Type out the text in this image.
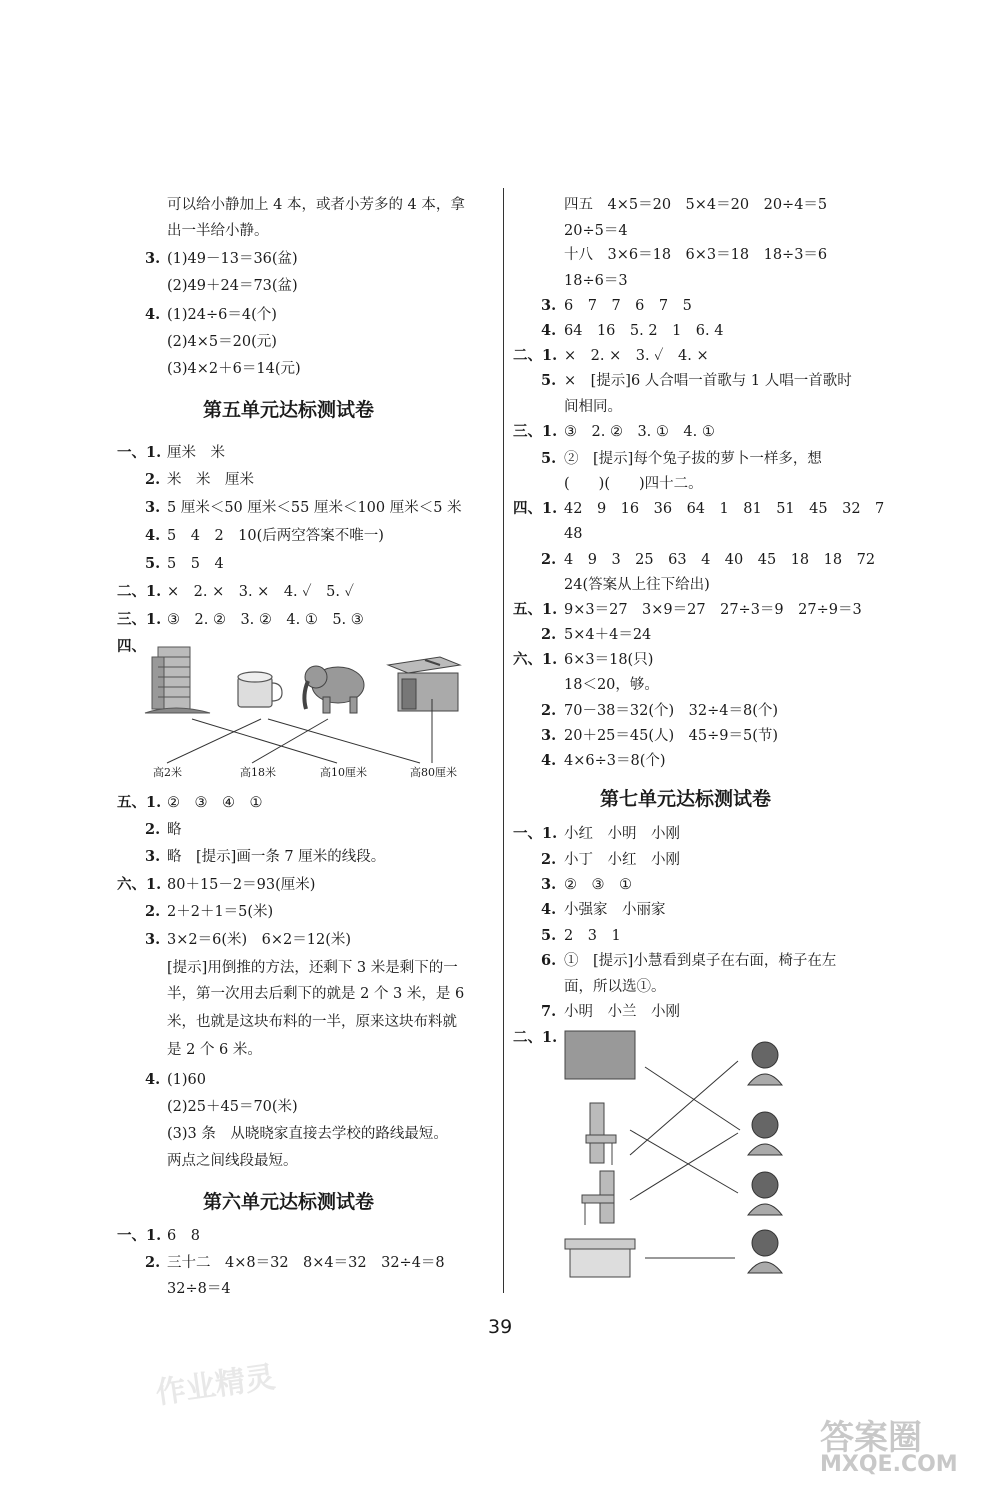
39
可以给小静加上 4 本，或者小芳多的 4 本，拿
出一半给小静。
3. (1)49－13＝36(盆)
(2)49＋24＝73(盆)
4. (1)24÷6＝4(个)
(2)4×5＝20(元)
(3)4×2＋6＝14(元)
第五单元达标测试卷
一、1. 厘米　米
2. 米　米　厘米
3. 5 厘米＜50 厘米＜55 厘米＜100 厘米＜5 米
4. 5　4　2　10(后两空答案不唯一)
5. 5　5　4
二、1. ×　2. ×　3. ×　4. ✓　5. ✓
三、1. ③　2. ②　3. ②　4. ①　5. ③
四、
高2米	高18米	高10厘米	高80厘米
五、1. ②　③　④　①
2. 略
3. 略　[提示]画一条 7 厘米的线段。
六、1. 80＋15－2＝93(厘米)
2. 2＋2＋1＝5(米)
3. 3×2＝6(米)　6×2＝12(米)
[提示]用倒推的方法，还剩下 3 米是剩下的一
半，第一次用去后剩下的就是 2 个 3 米，是 6
米，也就是这块布料的一半，原来这块布料就
是 2 个 6 米。
4. (1)60
(2)25＋45＝70(米)
(3)3 条　从晓晓家直接去学校的路线最短。
两点之间线段最短。
第六单元达标测试卷
一、1. 6　8
2. 三十二　4×8＝32　8×4＝32　32÷4＝8
32÷8＝4
四五　4×5＝20　5×4＝20　20÷4＝5
20÷5＝4
十八　3×6＝18　6×3＝18　18÷3＝6
18÷6＝3
3. 6　7　7　6　7　5
4. 64　16　5. 2　1　6. 4
二、1. ×　2. ×　3. ✓　4. ×
5. ×　[提示]6 人合唱一首歌与 1 人唱一首歌时
间相同。
三、1. ③　2. ②　3. ①　4. ①
5. ②　[提示]每个兔子拔的萝卜一样多，想
(　　)(　　)四十二。
四、1. 42　9　16　36　64　1　81　51　45　32　7
48
2. 4　9　3　25　63　4　40　45　18　18　72
24(答案从上往下给出)
五、1. 9×3＝27　3×9＝27　27÷3＝9　27÷9＝3
2. 5×4＋4＝24
六、1. 6×3＝18(只)
18＜20，够。
2. 70－38＝32(个)　32÷4＝8(个)
3. 20＋25＝45(人)　45÷9＝5(节)
4. 4×6÷3＝8(个)
第七单元达标测试卷
一、1. 小红　小明　小刚
2. 小丁　小红　小刚
3. ②　③　①
4. 小强家　小丽家
5. 2　3　1
6. ①　[提示]小慧看到桌子在右面，椅子在左
面，所以选①。
7. 小明　小兰　小刚
二、1.
作业精灵
答案圈
MXQE.COM
